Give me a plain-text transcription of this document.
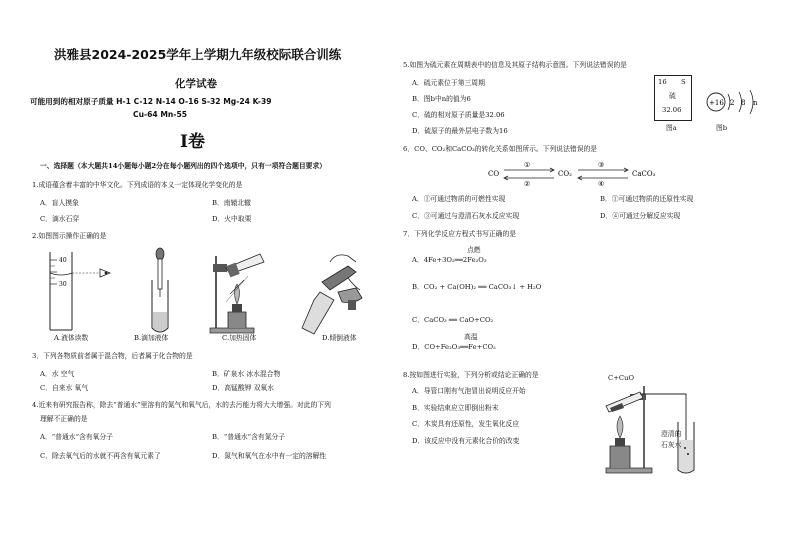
洪雅县2024-2025学年上学期九年级校际联合训练
化学试卷
可能用到的相对原子质量 H-1 C-12 N-14 O-16 S-32 Mg-24 K-39
Cu-64 Mn-55
I卷
一、选择题（本大题共14小题每小题2分在每小题列出的四个选项中，只有一项符合题目要求）
1.成语蕴含着丰富的中华文化。下列成语的本义一定体现化学变化的是
A．盲人摸象	B．南辕北辙
C．滴水石穿	D．火中取栗
2.如图图示操作正确的是
40
30
A.液体读数	B.滴加液体	C.加热固体	D.倾倒液体
3．下列各物质前者属于混合物，后者属于化合物的是
A．水 空气	B．矿泉水 冰水混合物
C．自来水 氧气	D．高锰酸钾 双氧水
4.近来有研究报告称，除去“普通水”里溶有的氮气和氧气后，水的去污能力将大大增强。对此的下列
理解不正确的是
A．“普通水”含有氧分子	B．“普通水”含有氮分子
C．除去氧气后的水就不再含有氧元素了	D．氮气和氧气在水中有一定的溶解性
5.如图为硫元素在周期表中的信息及其原子结构示意图。下列说法错误的是
A．硫元素位于第三周期
B．图b中n的值为6
C．硫的相对原子质量是32.06
D．硫原子的最外层电子数为16
16 S
硫
32.06
图a
+16 2 8 n
图b
6．CO、CO₂和CaCO₃的转化关系如图所示。下列说法错误的是
CO
①
②
CO₂
③
④
CaCO₃
A．①可通过物质的可燃性实现	B．①可通过物质的还原性实现
C．③可通过与澄清石灰水反应实现	D．④可通过分解反应实现
7．下列化学反应方程式书写正确的是
点燃
A．4Fe+3O₂══2Fe₂O₃
B．CO₂ + Ca(OH)₂ ══ CaCO₃↓ + H₂O
C．CaCO₃ ══ CaO+CO₂
高温
D．CO+Fe₂O₃══Fe+CO₂
8.按如图进行实验，下列分析或结论正确的是
A．导管口刚有气泡冒出说明反应开始
B．实验结束应立即倒出粉末
C．木炭具有还原性，发生氧化反应
D．该反应中没有元素化合价的改变
C+CuO
澄清的
石灰水
